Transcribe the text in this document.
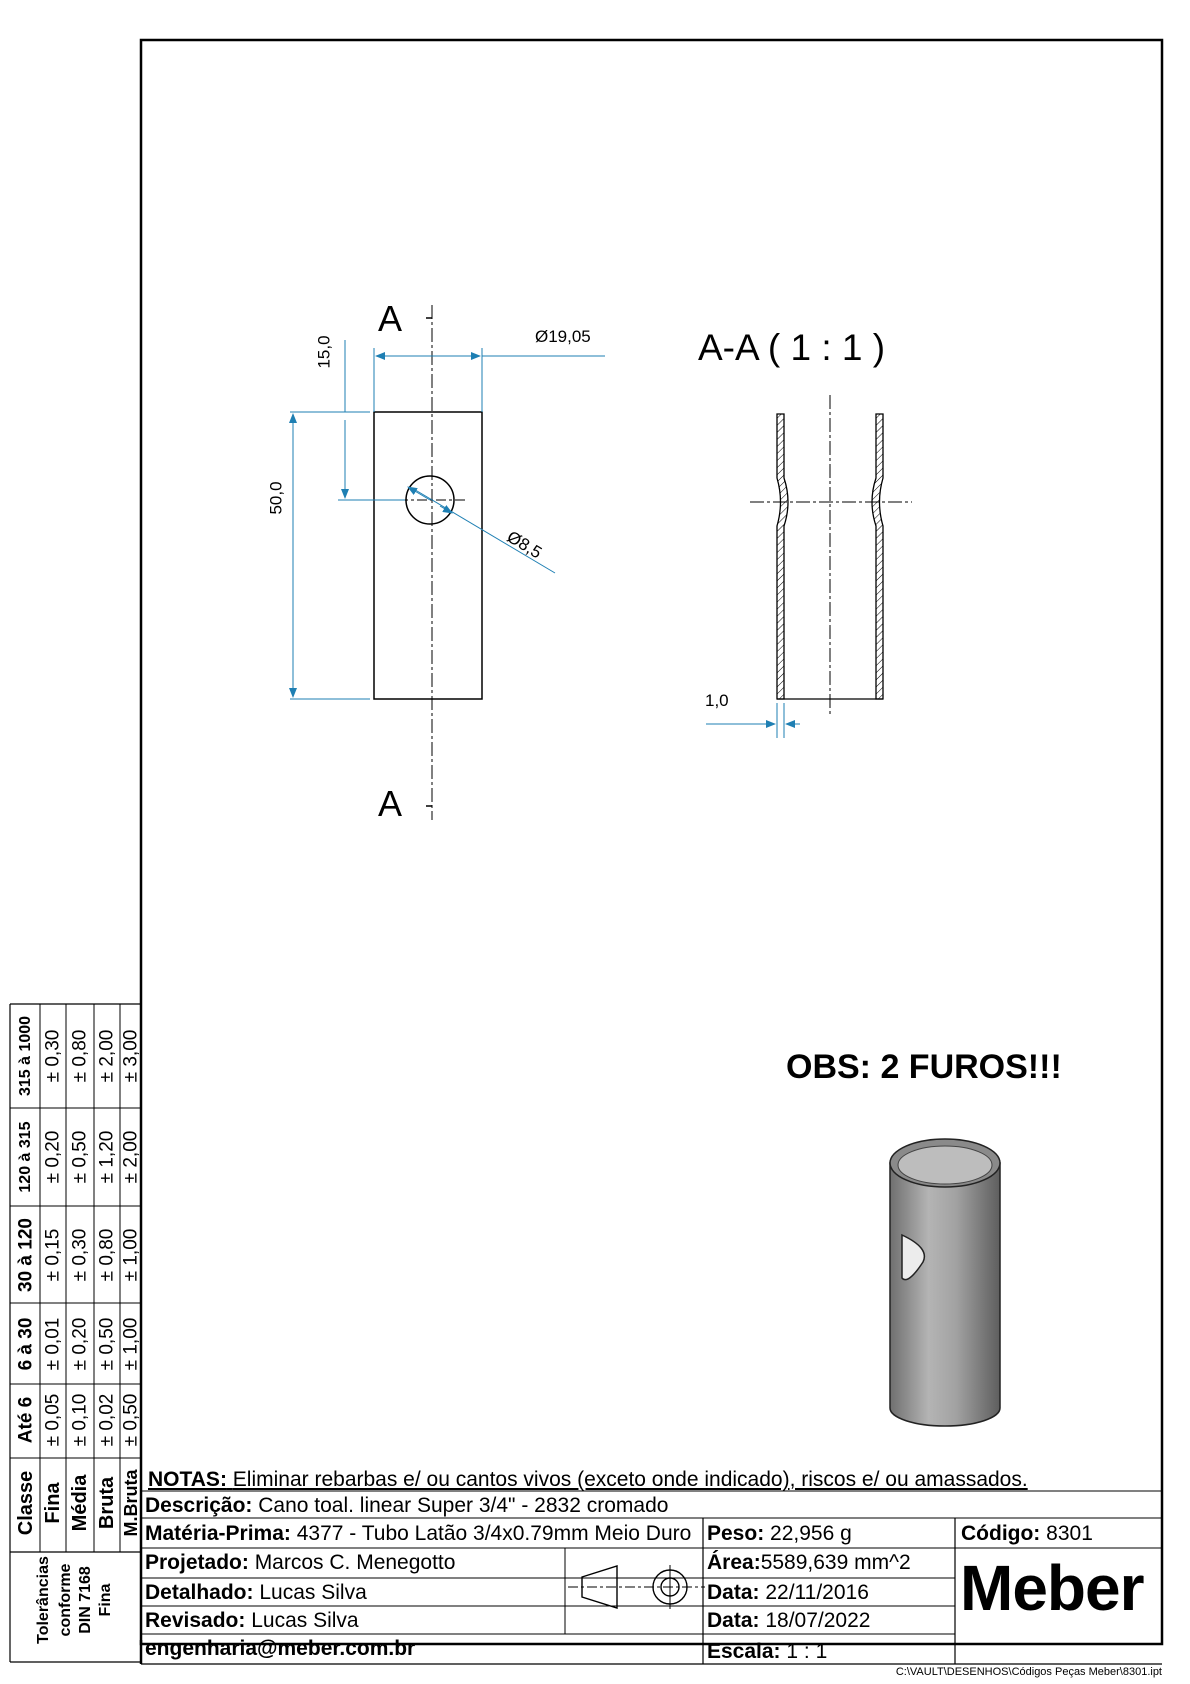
A
A
A-A ( 1 : 1 )
Ø19,05
15,0
50,0
Ø8,5
1,0
OBS: 2 FUROS!!!
Tolerâncias conforme DIN 7168 Fina
Classe Fina Média Bruta M.Bruta
Até 6
6 à 30
30 à 120
120 à 315
315 à 1000
± 0,05 ± 0,10 ± 0,02 ± 0,50
± 0,01 ± 0,20 ± 0,50 ± 1,00
± 0,15 ± 0,30 ± 0,80 ± 1,00
± 0,20 ± 0,50 ± 1,20 ± 2,00
± 0,30 ± 0,80 ± 2,00 ± 3,00
NOTAS: Eliminar rebarbas e/ ou cantos vivos (exceto onde indicado), riscos e/ ou amassados.
Descrição: Cano toal. linear Super 3/4" - 2832 cromado
Matéria-Prima: 4377 - Tubo Latão 3/4x0.79mm Meio Duro Peso: 22,956 g	Código: 8301
Projetado: Marcos C. Menegotto
Detalhado: Lucas Silva
Revisado: Lucas Silva
engenharia@meber.com.br
Área:5589,639 mm^2
Data: 22/11/2016
Data: 18/07/2022
Escala: 1 : 1
Meber
C:\VAULT\DESENHOS\Códigos Peças Meber\8301.ipt
